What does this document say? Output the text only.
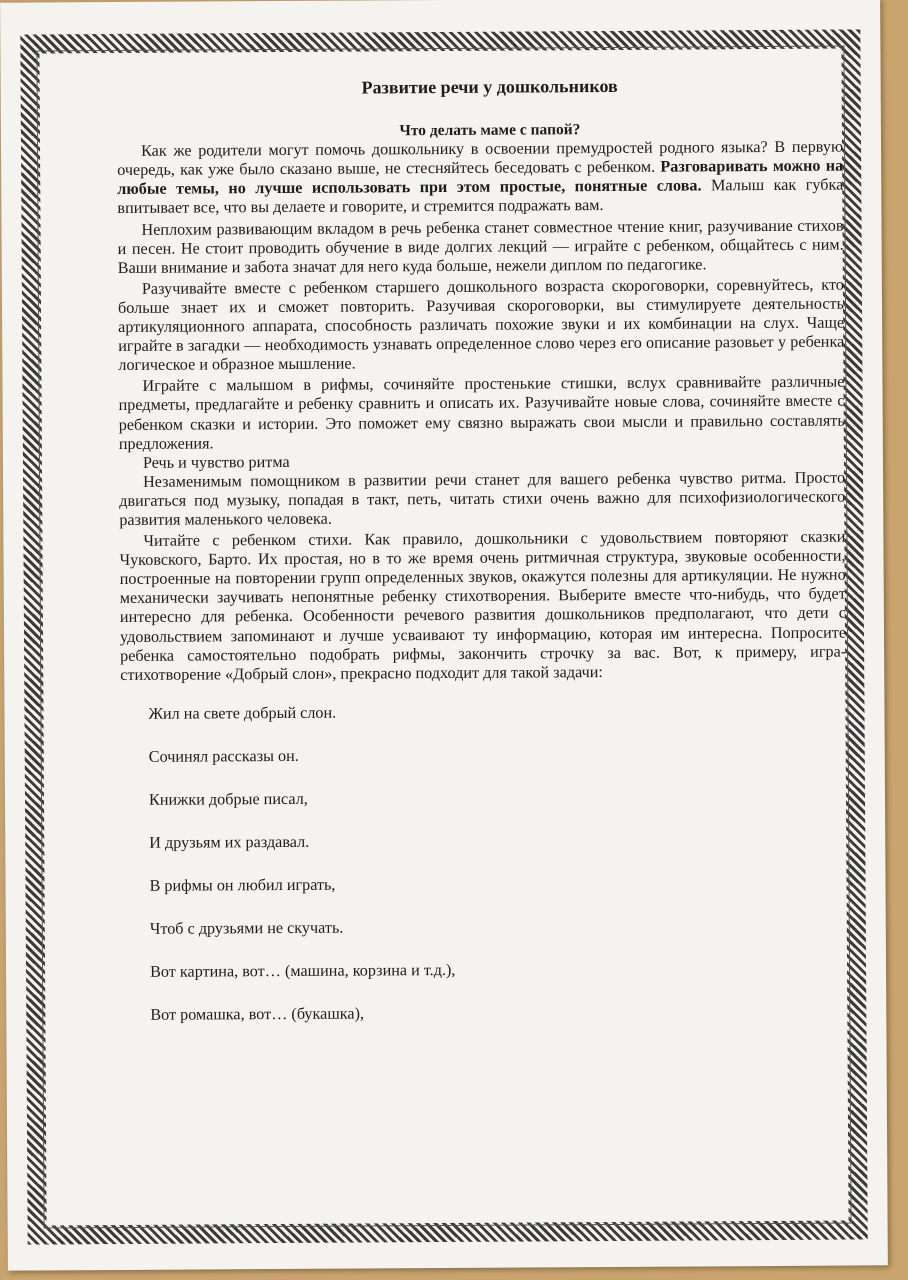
Развитие речи у дошкольников
Что делать маме с папой?

Как же родители могут помочь дошкольнику в освоении премудростей родного языка? В первую очередь, как уже было сказано выше, не стесняйтесь беседовать с ребенком. Разговаривать можно на любые темы, но лучше использовать при этом простые, понятные слова. Малыш как губка впитывает все, что вы делаете и говорите, и стремится подражать вам.

Неплохим развивающим вкладом в речь ребенка станет совместное чтение книг, разучивание стихов и песен. Не стоит проводить обучение в виде долгих лекций — играйте с ребенком, общайтесь с ним. Ваши внимание и забота значат для него куда больше, нежели диплом по педагогике.

Разучивайте вместе с ребенком старшего дошкольного возраста скороговорки, соревнуйтесь, кто больше знает их и сможет повторить. Разучивая скороговорки, вы стимулируете деятельность артикуляционного аппарата, способность различать похожие звуки и их комбинации на слух. Чаще играйте в загадки — необходимость узнавать определенное слово через его описание разовьет у ребенка логическое и образное мышление.

Играйте с малышом в рифмы, сочиняйте простенькие стишки, вслух сравнивайте различные предметы, предлагайте и ребенку сравнить и описать их. Разучивайте новые слова, сочиняйте вместе с ребенком сказки и истории. Это поможет ему связно выражать свои мысли и правильно составлять предложения.

Речь и чувство ритма

Незаменимым помощником в развитии речи станет для вашего ребенка чувство ритма. Просто двигаться под музыку, попадая в такт, петь, читать стихи очень важно для психофизиологического развития маленького человека.

Читайте с ребенком стихи. Как правило, дошкольники с удовольствием повторяют сказки Чуковского, Барто. Их простая, но в то же время очень ритмичная структура, звуковые особенности, построенные на повторении групп определенных звуков, окажутся полезны для артикуляции. Не нужно механически заучивать непонятные ребенку стихотворения. Выберите вместе что-нибудь, что будет интересно для ребенка. Особенности речевого развития дошкольников предполагают, что дети с удовольствием запоминают и лучше усваивают ту информацию, которая им интересна. Попросите ребенка самостоятельно подобрать рифмы, закончить строчку за вас. Вот, к примеру, игра-стихотворение «Добрый слон», прекрасно подходит для такой задачи:

Жил на свете добрый слон.
Сочинял рассказы он.
Книжки добрые писал,
И друзьям их раздавал.
В рифмы он любил играть,
Чтоб с друзьями не скучать.
Вот картина, вот… (машина, корзина и т.д.),
Вот ромашка, вот… (букашка),
